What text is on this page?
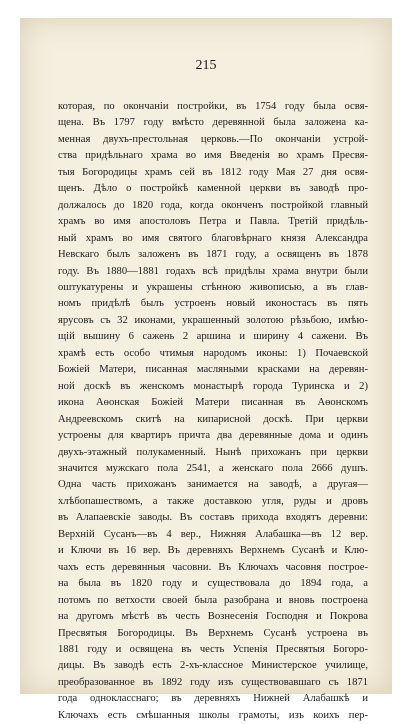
215
которая, по окончаніи постройки, въ 1754 году была освя-
щена. Въ 1797 году вмѣсто деревянной была заложена ка-
менная двухъ-престольная церковь.—По окончаніи устрой-
ства придѣльнаго храма во имя Введенія во храмъ Пресвя-
тыя Богородицы храмъ сей въ 1812 году Мая 27 дня освя-
щенъ. Дѣло о постройкѣ каменной церкви въ заводѣ про-
должалось до 1820 года, когда оконченъ постройкой главный
храмъ во имя апостоловъ Петра и Павла. Третій придѣль-
ный храмъ во имя святого благовѣрнаго князя Александра
Невскаго былъ заложенъ въ 1871 году, а освященъ въ 1878
году. Въ 1880—1881 годахъ всѣ придѣлы храма внутри были
оштукатурены и украшены стѣнною живописью, а въ глав-
номъ придѣлѣ былъ устроенъ новый иконостасъ въ пять
ярусовъ съ 32 иконами, украшенный золотою рѣзьбою, имѣю-
щій вышину 6 сажень 2 аршина и ширину 4 сажени. Въ
храмѣ есть особо чтимыя народомъ иконы: 1) Почаевской
Божіей Матери, писанная масляными красками на деревян-
ной доскѣ въ женскомъ монастырѣ города Туринска и 2)
икона Аѳонская Божіей Матери писанная въ Аѳонскомъ
Андреевскомъ скитѣ на кипарисной доскѣ. При церкви
устроены для квартиръ причта два деревянные дома и одинъ
двухъ-этажный полукаменный. Нынѣ прихожанъ при церкви
значится мужскаго пола 2541, а женскаго пола 2666 душъ.
Одна часть прихожанъ занимается на заводѣ, а другая—
хлѣбопашествомъ, а также доставкою угля, руды и дровъ
въ Алапаевскіе заводы. Въ составъ прихода входятъ деревни:
Верхній Сусанъ—въ 4 вер., Нижняя Алабашка—въ 12 вер.
и Ключи въ 16 вер. Въ деревняхъ Верхнемъ Сусанѣ и Клю-
чахъ есть деревянныя часовни. Въ Ключахъ часовня построе-
на была въ 1820 году и существовала до 1894 года, а
потомъ по ветхости своей была разобрана и вновь построена
на другомъ мѣстѣ въ честь Вознесенія Господня и Покрова
Пресвятыя Богородицы. Въ Верхнемъ Сусанѣ устроена въ
1881 году и освящена въ честь Успенія Пресвятыя Богоро-
дицы. Въ заводѣ есть 2-хъ-классное Министерское училище,
преобразованное въ 1892 году изъ существовавшаго съ 1871
года одноклаcснаго; въ деревняхъ Нижней Алабашкѣ и
Ключахъ есть смѣшанныя школы грамоты, изъ коихъ пер-
